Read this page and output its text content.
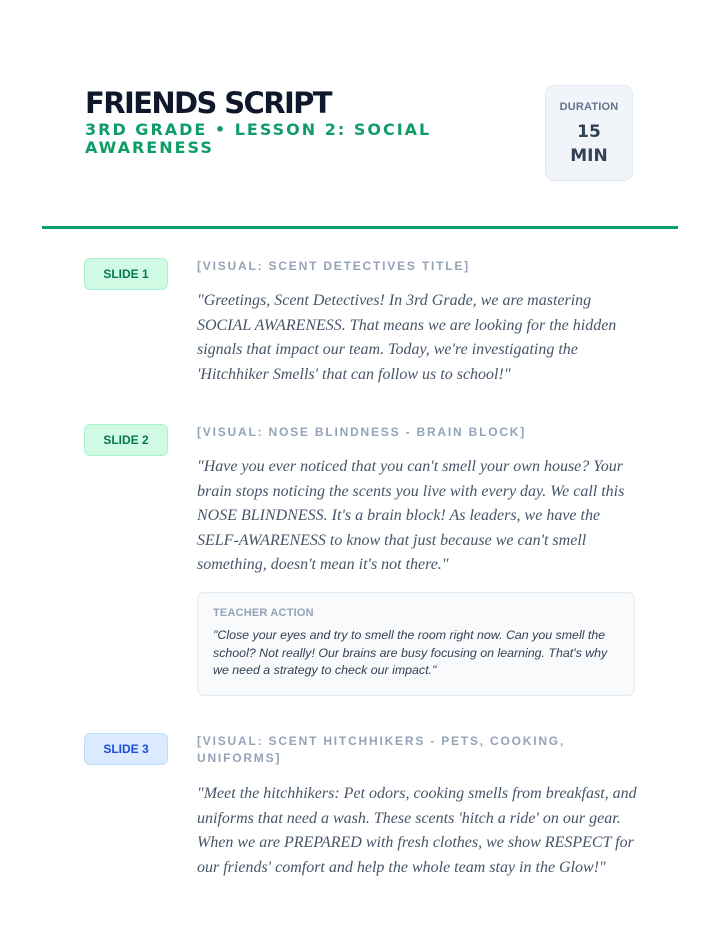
FRIENDS SCRIPT
3RD GRADE • LESSON 2: SOCIAL AWARENESS
DURATION
15 MIN
SLIDE 1
[VISUAL: SCENT DETECTIVES TITLE]

"Greetings, Scent Detectives! In 3rd Grade, we are mastering SOCIAL AWARENESS. That means we are looking for the hidden signals that impact our team. Today, we're investigating the 'Hitchhiker Smells' that can follow us to school!"

SLIDE 2
[VISUAL: NOSE BLINDNESS - BRAIN BLOCK]

"Have you ever noticed that you can't smell your own house? Your brain stops noticing the scents you live with every day. We call this NOSE BLINDNESS. It's a brain block! As leaders, we have the SELF-AWARENESS to know that just because we can't smell something, doesn't mean it's not there."

TEACHER ACTION
"Close your eyes and try to smell the room right now. Can you smell the school? Not really! Our brains are busy focusing on learning. That's why we need a strategy to check our impact."
SLIDE 3
[VISUAL: SCENT HITCHHIKERS - PETS, COOKING, UNIFORMS]

"Meet the hitchhikers: Pet odors, cooking smells from breakfast, and uniforms that need a wash. These scents 'hitch a ride' on our gear. When we are PREPARED with fresh clothes, we show RESPECT for our friends' comfort and help the whole team stay in the Glow!"
